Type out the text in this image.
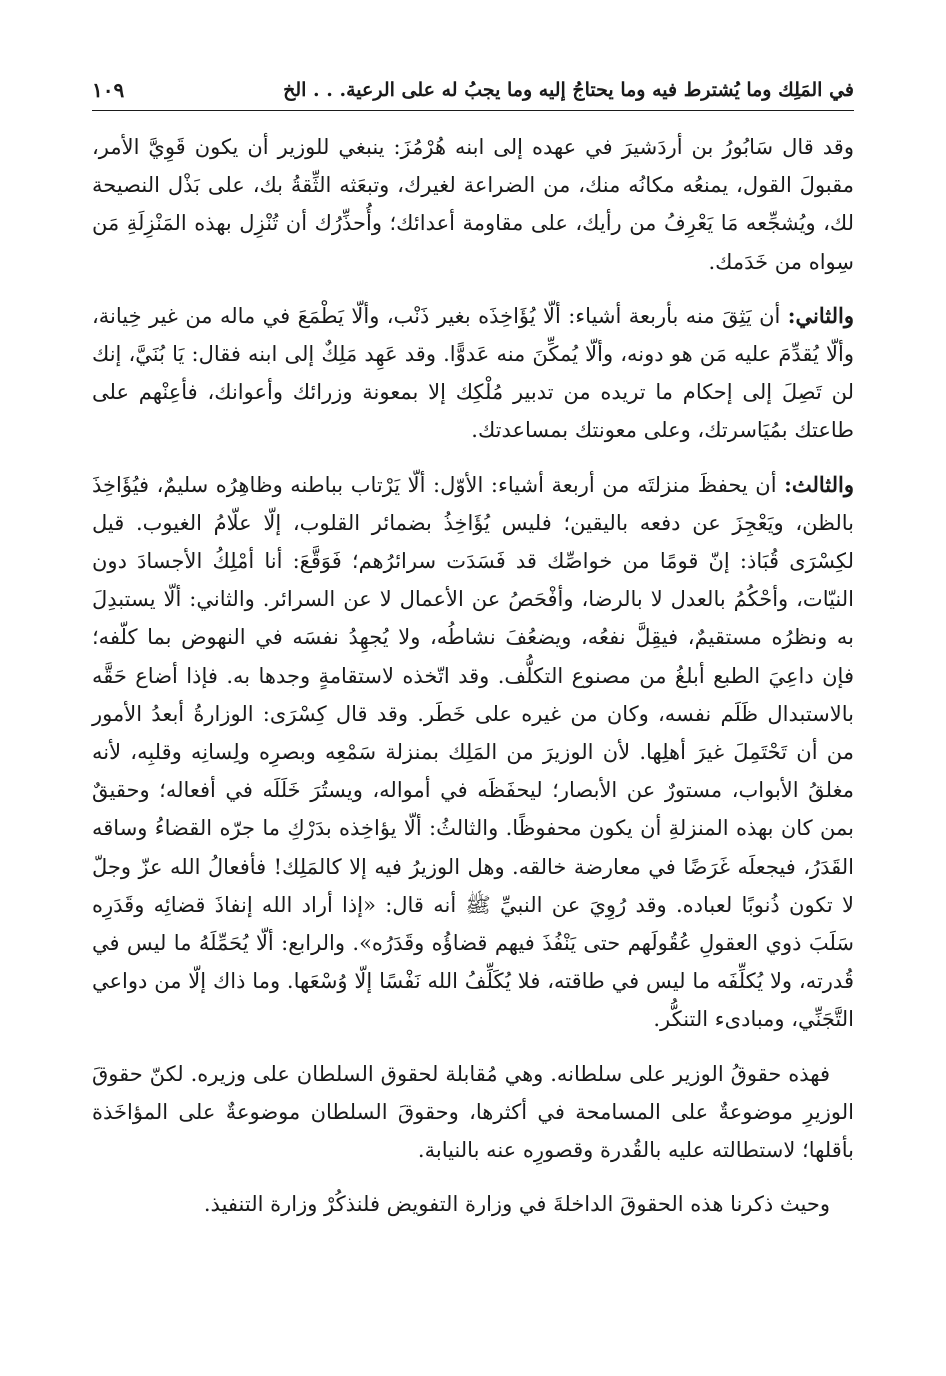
في المَلِك وما يُشترط فيه وما يحتاجُ إليه وما يجبُ له على الرعية. . . الخ
١٠٩

وقد قال سَابُورُ بن أردَشيرَ في عهده إلى ابنه هُرْمُزَ: ينبغي للوزير أن يكون قَوِيَّ الأمر، مقبولَ القول، يمنعُه مكانُه منك، من الضراعة لغيرك، وتبعَثه الثِّقةُ بك، على بَذْل النصيحة لك، ويُشجِّعه مَا يَعْرِفُ من رأيك، على مقاومة أعدائك؛ وأُحذِّرُك أن تُنْزِل بهذه المَنْزِلَةِ مَن سِواه من خَدَمك.

والثاني: أن يَثِقَ منه بأربعة أشياء: ألّا يُؤَاخِذَه بغير ذَنْب، وألّا يَطْمَعَ في ماله من غير خِيانة، وألّا يُقدِّمَ عليه مَن هو دونه، وألّا يُمكِّنَ منه عَدوًّا. وقد عَهِد مَلِكٌ إلى ابنه فقال: يَا بُنَيَّ، إنك لن تَصِلَ إلى إحكام ما تريده من تدبير مُلْكِك إلا بمعونة وزرائك وأعوانك، فأعِنْهم على طاعتك بمُيَاسرتك، وعلى معونتك بمساعدتك.

والثالث: أن يحفظَ منزلتَه من أربعة أشياء: الأوّل: ألّا يَرْتاب بباطنه وظاهِرُه سليمٌ، فيُؤَاخِذَ بالظن، ويَعْجِزَ عن دفعه باليقين؛ فليس يُؤَاخِذُ بضمائر القلوب، إلّا علّامُ الغيوب. قيل لكِسْرَى قُبَاذ: إنّ قومًا من خواصِّك قد فَسَدَت سرائرُهم؛ فَوَقَّعَ: أنا أمْلِكُ الأجسادَ دون النيّات، وأحْكُمُ بالعدل لا بالرضا، وأفْحَصُ عن الأعمال لا عن السرائر. والثاني: ألّا يستبدِلَ به ونظرُه مستقيمٌ، فيقِلَّ نفعُه، ويضعُفَ نشاطُه، ولا يُجهِدُ نفسَه في النهوض بما كلّفه؛ فإن داعِيَ الطبع أبلغُ من مصنوع التكلُّف. وقد اتّخذه لاستقامةٍ وجدها به. فإذا أضاع حَقَّه بالاستبدال ظَلَم نفسه، وكان من غيره على خَطَر. وقد قال كِسْرَى: الوزارةُ أبعدُ الأمور من أن تَحْتَمِلَ غيرَ أهلِها. لأن الوزيرَ من المَلِك بمنزلة سَمْعِه وبصرِه ولِسانِه وقلبِه، لأنه مغلقُ الأبواب، مستورٌ عن الأبصار؛ ليحفَظَه في أمواله، ويستُرَ خَلَلَه في أفعاله؛ وحقيقٌ بمن كان بهذه المنزلةِ أن يكون محفوظًا. والثالثُ: ألّا يؤاخِذه بدَرْكِ ما جرّه القضاءُ وساقه القَدَرُ، فيجعلَه غَرَضًا في معارضة خالقه. وهل الوزيرُ فيه إلا كالمَلِك! فأفعالُ الله عزّ وجلّ لا تكون ذُنوبًا لعباده. وقد رُوِيَ عن النبيِّ ﷺ أنه قال: «إذا أراد الله إنفاذَ قضائِه وقَدَرِه سَلَبَ ذوي العقولِ عُقُولَهم حتى يَنْفُذَ فيهم قضاؤُه وقَدَرُه». والرابع: ألّا يُحَمِّلَهُ ما ليس في قُدرته، ولا يُكلِّفَه ما ليس في طاقته، فلا يُكَلِّفُ الله نَفْسًا إلّا وُسْعَها. وما ذاك إلّا من دواعي التَّجَنِّي، ومبادىء التنكُّر.

فهذه حقوقُ الوزير على سلطانه. وهي مُقابلة لحقوق السلطان على وزيره. لكنّ حقوقَ الوزيرِ موضوعةٌ على المسامحة في أكثرها، وحقوقَ السلطان موضوعةٌ على المؤاخَذة بأقلها؛ لاستطالته عليه بالقُدرة وقصورِه عنه بالنيابة.

وحيث ذكرنا هذه الحقوقَ الداخلةَ في وزارة التفويض فلنذكُرْ وزارة التنفيذ.
